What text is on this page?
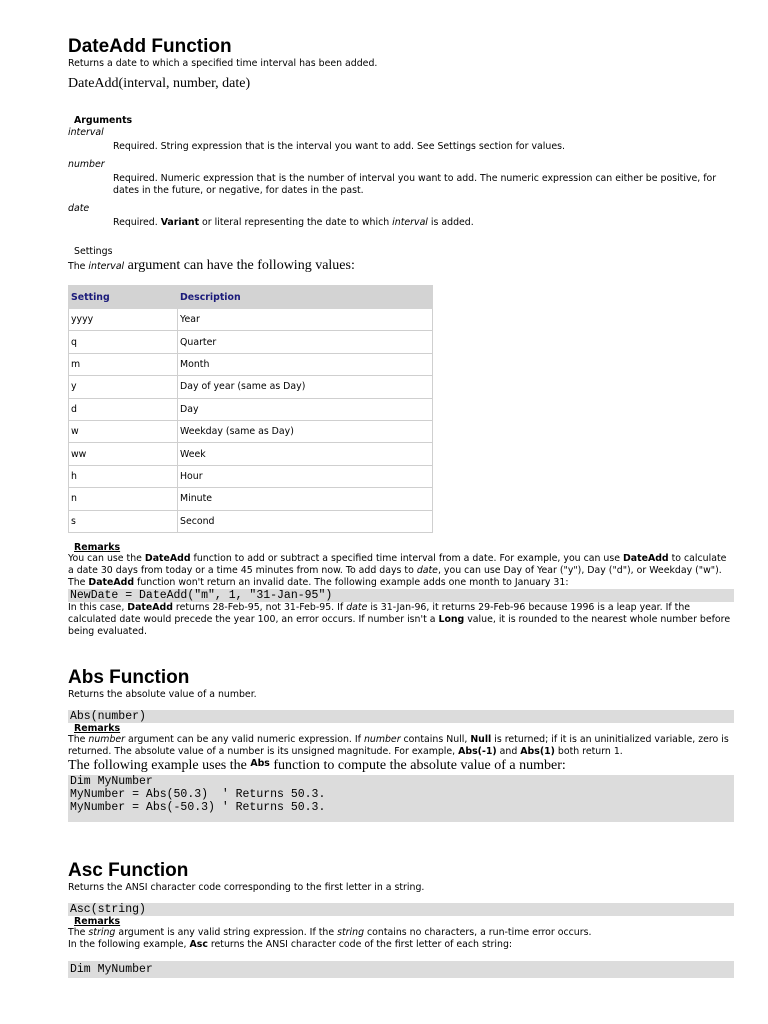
DateAdd Function
Returns a date to which a specified time interval has been added.
DateAdd(interval, number, date)
Arguments
interval
Required. String expression that is the interval you want to add. See Settings section for values.
number
Required. Numeric expression that is the number of interval you want to add. The numeric expression can either be positive, for dates in the future, or negative, for dates in the past.
date
Required. Variant or literal representing the date to which interval is added.
Settings
The interval argument can have the following values:
Setting	Description
yyyy	Year
q	Quarter
m	Month
y	Day of year (same as Day)
d	Day
w	Weekday (same as Day)
ww	Week
h	Hour
n	Minute
s	Second
Remarks
You can use the DateAdd function to add or subtract a specified time interval from a date. For example, you can use DateAdd to calculate a date 30 days from today or a time 45 minutes from now. To add days to date, you can use Day of Year ("y"), Day ("d"), or Weekday ("w"). The DateAdd function won't return an invalid date. The following example adds one month to January 31:
NewDate = DateAdd("m", 1, "31-Jan-95")
In this case, DateAdd returns 28-Feb-95, not 31-Feb-95. If date is 31-Jan-96, it returns 29-Feb-96 because 1996 is a leap year. If the calculated date would precede the year 100, an error occurs. If number isn't a Long value, it is rounded to the nearest whole number before being evaluated.
Abs Function
Returns the absolute value of a number.
Abs(number)
Remarks
The number argument can be any valid numeric expression. If number contains Null, Null is returned; if it is an uninitialized variable, zero is returned. The absolute value of a number is its unsigned magnitude. For example, Abs(-1) and Abs(1) both return 1.
The following example uses the Abs function to compute the absolute value of a number:
Dim MyNumber
MyNumber = Abs(50.3)  ' Returns 50.3.
MyNumber = Abs(-50.3) ' Returns 50.3.
Asc Function
Returns the ANSI character code corresponding to the first letter in a string.
Asc(string)
Remarks
The string argument is any valid string expression. If the string contains no characters, a run-time error occurs.
In the following example, Asc returns the ANSI character code of the first letter of each string:
Dim MyNumber
